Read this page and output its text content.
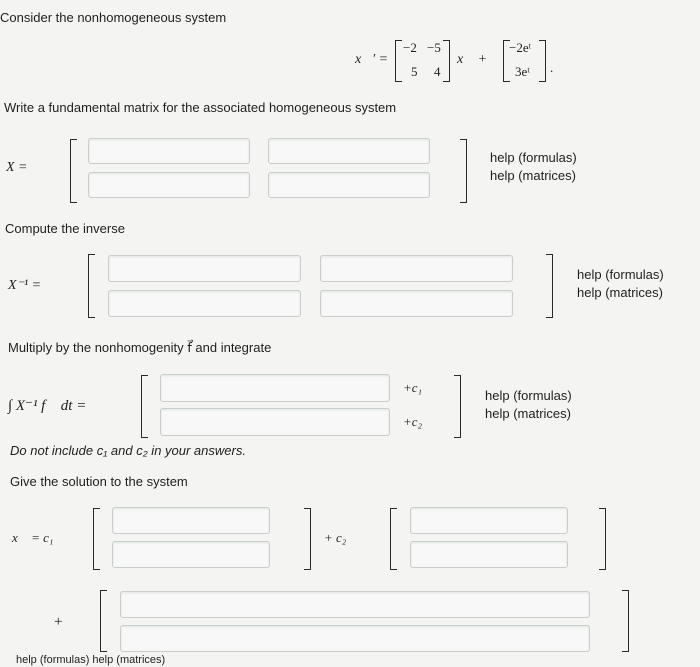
Consider the nonhomogeneous system
x⃗′ =
−2 −5
5 4
x⃗ +
−2eᵗ
3eᵗ .
Write a fundamental matrix for the associated homogeneous system
X =
help (formulas)
help (matrices)
Compute the inverse
X⁻¹ =
help (formulas)
help (matrices)
Multiply by the nonhomogenity f⃗ and integrate
∫ X⁻¹ f⃗ dt =
+c₁
+c₂
help (formulas)
help (matrices)
Do not include c₁ and c₂ in your answers.
Give the solution to the system
x⃗ = c₁	+ c₂
+
help (formulas) help (matrices)
